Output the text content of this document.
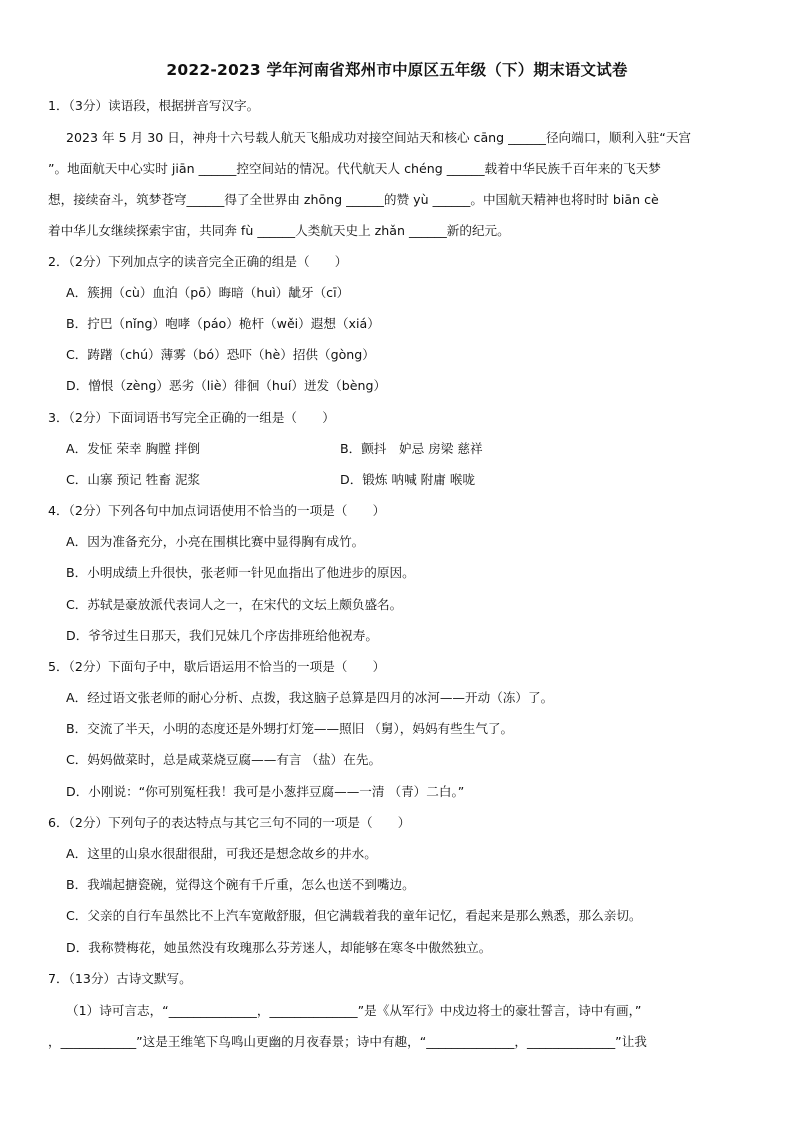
2022-2023 学年河南省郑州市中原区五年级（下）期末语文试卷
1．（3分）读语段，根据拼音写汉字。
2023 年 5 月 30 日，神舟十六号载人航天飞船成功对接空间站天和核心 cāng ______径向端口，顺利入驻“天宫
”。地面航天中心实时 jiān ______控空间站的情况。代代航天人 chéng ______载着中华民族千百年来的飞天梦
想，接续奋斗，筑梦苍穹______得了全世界由 zhōng ______的赞 yù ______。中国航天精神也将时时 biān cè
着中华儿女继续探索宇宙，共同奔 fù ______人类航天史上 zhǎn ______新的纪元。
2．（2分）下列加点字的读音完全正确的组是（　　）
A．簇拥（cù）血泊（pō）晦暗（huì）龇牙（cī）
B．拧巴（nǐng）咆哮（páo）桅杆（wěi）遐想（xiá）
C．踌躇（chú）薄雾（bó）恐吓（hè）招供（gòng）
D．憎恨（zèng）恶劣（liè）徘徊（huí）迸发（bèng）
3．（2分）下面词语书写完全正确的一组是（　　）
A．发怔 荣幸 胸膛 拌倒	B．颤抖　妒忌 房梁 慈祥
C．山寨 预记 牲畜 泥浆	D．锻炼 呐喊 附庸 喉咙
4．（2分）下列各句中加点词语使用不恰当的一项是（　　）
A．因为准备充分，小亮在围棋比赛中显得胸有成竹。
B．小明成绩上升很快，张老师一针见血指出了他进步的原因。
C．苏轼是豪放派代表词人之一，在宋代的文坛上颇负盛名。
D．爷爷过生日那天，我们兄妹几个序齿排班给他祝寿。
5．（2分）下面句子中，歇后语运用不恰当的一项是（　　）
A．经过语文张老师的耐心分析、点拨，我这脑子总算是四月的冰河——开动（冻）了。
B．交流了半天，小明的态度还是外甥打灯笼——照旧 （舅），妈妈有些生气了。
C．妈妈做菜时，总是咸菜烧豆腐——有言 （盐）在先。
D．小刚说：“你可别冤枉我！我可是小葱拌豆腐——一清 （青）二白。”
6．（2分）下列句子的表达特点与其它三句不同的一项是（　　）
A．这里的山泉水很甜很甜，可我还是想念故乡的井水。
B．我端起搪瓷碗，觉得这个碗有千斤重，怎么也送不到嘴边。
C．父亲的自行车虽然比不上汽车宽敞舒服，但它满载着我的童年记忆，看起来是那么熟悉，那么亲切。
D．我称赞梅花，她虽然没有玫瑰那么芬芳迷人，却能够在寒冬中傲然独立。
7．（13分）古诗文默写。
（1）诗可言志，“______________，______________”是《从军行》中戍边将士的豪壮誓言，诗中有画，”
，____________”这是王维笔下鸟鸣山更幽的月夜春景；诗中有趣，“______________，______________”让我
